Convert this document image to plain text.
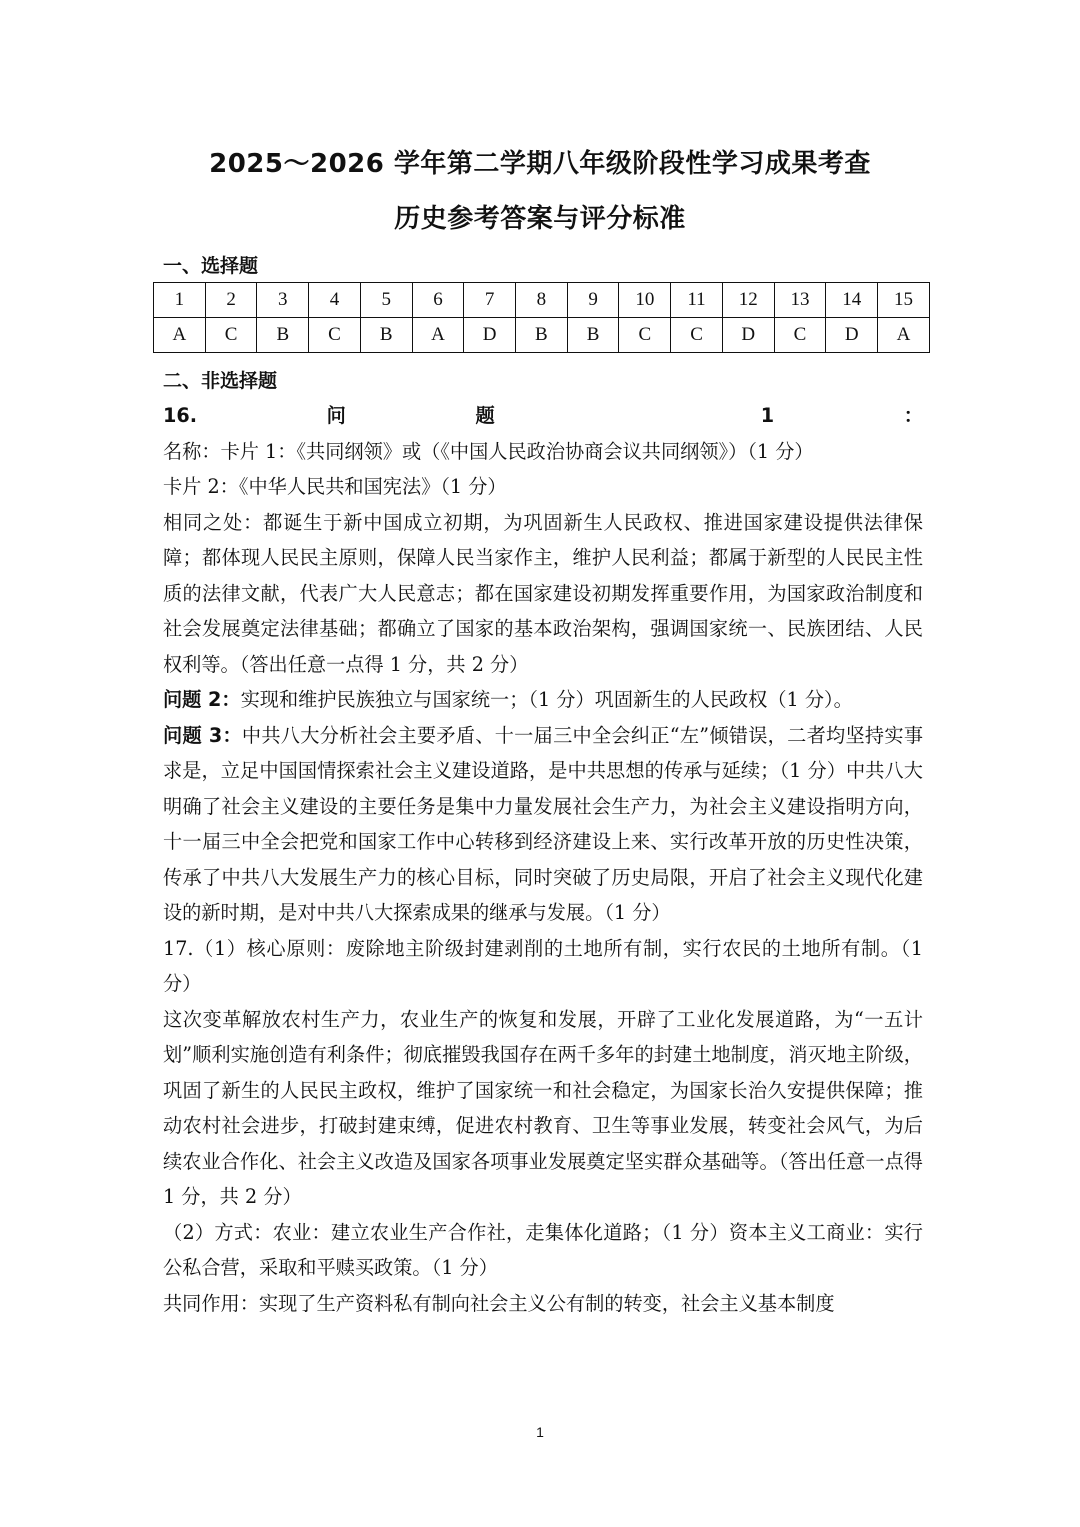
2025～2026 学年第二学期八年级阶段性学习成果考查
历史参考答案与评分标准
一、选择题
1	2	3	4	5	6	7	8	9	10	11	12	13	14	15
A	C	B	C	B	A	D	B	B	C	C	D	C	D	A
二、非选择题

16.问题 1：名称：卡片 1：《共同纲领》或（《中国人民政治协商会议共同纲领》）（1 分）

卡片 2：《中华人民共和国宪法》（1 分）

相同之处：都诞生于新中国成立初期，为巩固新生人民政权、推进国家建设提供法律保障；都体现人民民主原则，保障人民当家作主，维护人民利益；都属于新型的人民民主性质的法律文献，代表广大人民意志；都在国家建设初期发挥重要作用，为国家政治制度和社会发展奠定法律基础；都确立了国家的基本政治架构，强调国家统一、民族团结、人民权利等。（答出任意一点得 1 分，共 2 分）

问题 2：实现和维护民族独立与国家统一；（1 分）巩固新生的人民政权（1 分）。

问题 3：中共八大分析社会主要矛盾、十一届三中全会纠正“左”倾错误，二者均坚持实事求是，立足中国国情探索社会主义建设道路，是中共思想的传承与延续；（1 分）中共八大明确了社会主义建设的主要任务是集中力量发展社会生产力，为社会主义建设指明方向，十一届三中全会把党和国家工作中心转移到经济建设上来、实行改革开放的历史性决策，传承了中共八大发展生产力的核心目标，同时突破了历史局限，开启了社会主义现代化建设的新时期，是对中共八大探索成果的继承与发展。（1 分）

17.（1）核心原则：废除地主阶级封建剥削的土地所有制，实行农民的土地所有制。（1 分）

这次变革解放农村生产力，农业生产的恢复和发展，开辟了工业化发展道路，为“一五计划”顺利实施创造有利条件；彻底摧毁我国存在两千多年的封建土地制度，消灭地主阶级，巩固了新生的人民民主政权，维护了国家统一和社会稳定，为国家长治久安提供保障；推动农村社会进步，打破封建束缚，促进农村教育、卫生等事业发展，转变社会风气，为后续农业合作化、社会主义改造及国家各项事业发展奠定坚实群众基础等。（答出任意一点得 1 分，共 2 分）

（2）方式：农业：建立农业生产合作社，走集体化道路；（1 分）资本主义工商业：实行公私合营，采取和平赎买政策。（1 分）

共同作用：实现了生产资料私有制向社会主义公有制的转变，社会主义基本制度

1
